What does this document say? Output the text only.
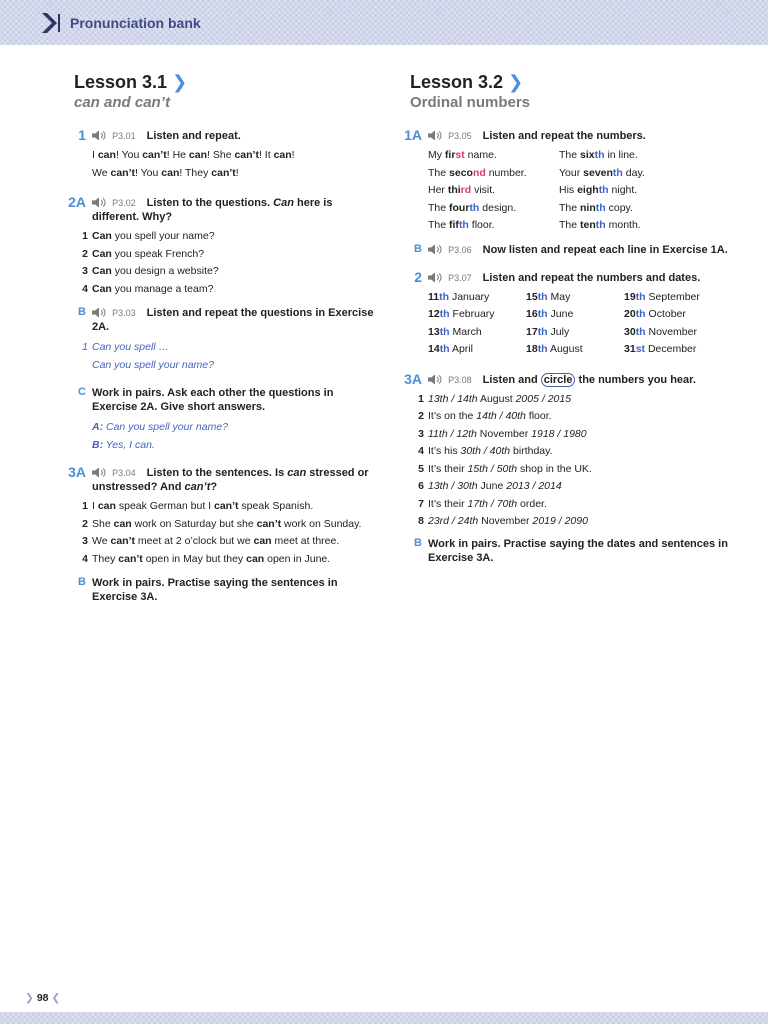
Pronunciation bank
Lesson 3.1 ❯
can and can’t
1	P3.01 Listen and repeat.
I can! You can’t! He can! She can’t! It can!
We can’t! You can! They can’t!
2A	P3.02 Listen to the questions. Can here is different. Why?
1 Can you spell your name?
2 Can you speak French?
3 Can you design a website?
4 Can you manage a team?
B	P3.03 Listen and repeat the questions in Exercise 2A.
1 Can you spell …
Can you spell your name?
C Work in pairs. Ask each other the questions in Exercise 2A. Give short answers.
A: Can you spell your name?
B: Yes, I can.
3A	P3.04 Listen to the sentences. Is can stressed or unstressed? And can’t?
1 I can speak German but I can’t speak Spanish.
2 She can work on Saturday but she can’t work on Sunday.
3 We can’t meet at 2 o’clock but we can meet at three.
4 They can’t open in May but they can open in June.
B Work in pairs. Practise saying the sentences in Exercise 3A.
Lesson 3.2 ❯
Ordinal numbers
1A	P3.05 Listen and repeat the numbers.
My first name.	The sixth in line.
The second number.	Your seventh day.
Her third visit.	His eighth night.
The fourth design.	The ninth copy.
The fifth floor.	The tenth month.
B	P3.06 Now listen and repeat each line in Exercise 1A.
2	P3.07 Listen and repeat the numbers and dates.
11th January	15th May	19th September
12th February	16th June	20th October
13th March	17th July	30th November
14th April	18th August	31st December
3A	P3.08 Listen and circle the numbers you hear.
1 13th / 14th August 2005 / 2015
2 It’s on the 14th / 40th floor.
3 11th / 12th November 1918 / 1980
4 It’s his 30th / 40th birthday.
5 It’s their 15th / 50th shop in the UK.
6 13th / 30th June 2013 / 2014
7 It’s their 17th / 70th order.
8 23rd / 24th November 2019 / 2090
B Work in pairs. Practise saying the dates and sentences in Exercise 3A.
❯ 98 ❮
